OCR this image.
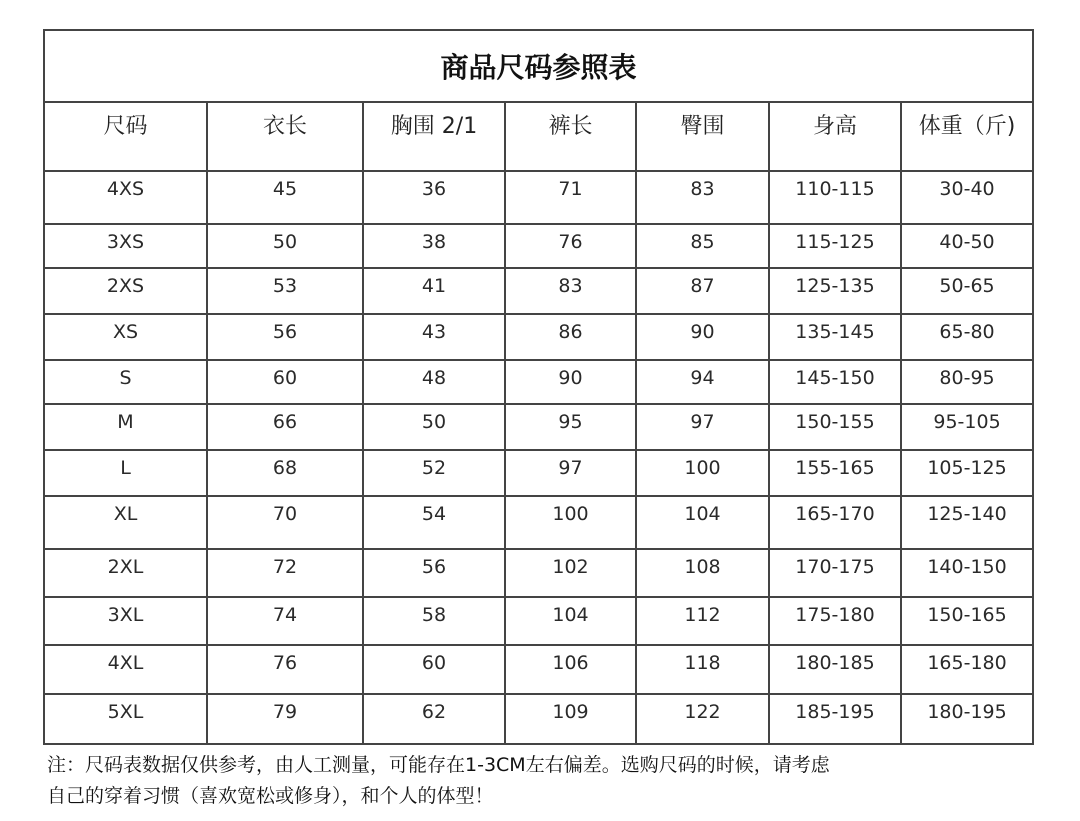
商品尺码参照表						
尺码	衣长	胸围 2/1	裤长	臀围	身高	体重（斤)
4XS	45	36	71	83	110-115	30-40
3XS	50	38	76	85	115-125	40-50
2XS	53	41	83	87	125-135	50-65
XS	56	43	86	90	135-145	65-80
S	60	48	90	94	145-150	80-95
M	66	50	95	97	150-155	95-105
L	68	52	97	100	155-165	105-125
XL	70	54	100	104	165-170	125-140
2XL	72	56	102	108	170-175	140-150
3XL	74	58	104	112	175-180	150-165
4XL	76	60	106	118	180-185	165-180
5XL	79	62	109	122	185-195	180-195

注：尺码表数据仅供参考，由人工测量，可能存在1-3CM左右偏差。选购尺码的时候，请考虑
自己的穿着习惯（喜欢宽松或修身），和个人的体型！
